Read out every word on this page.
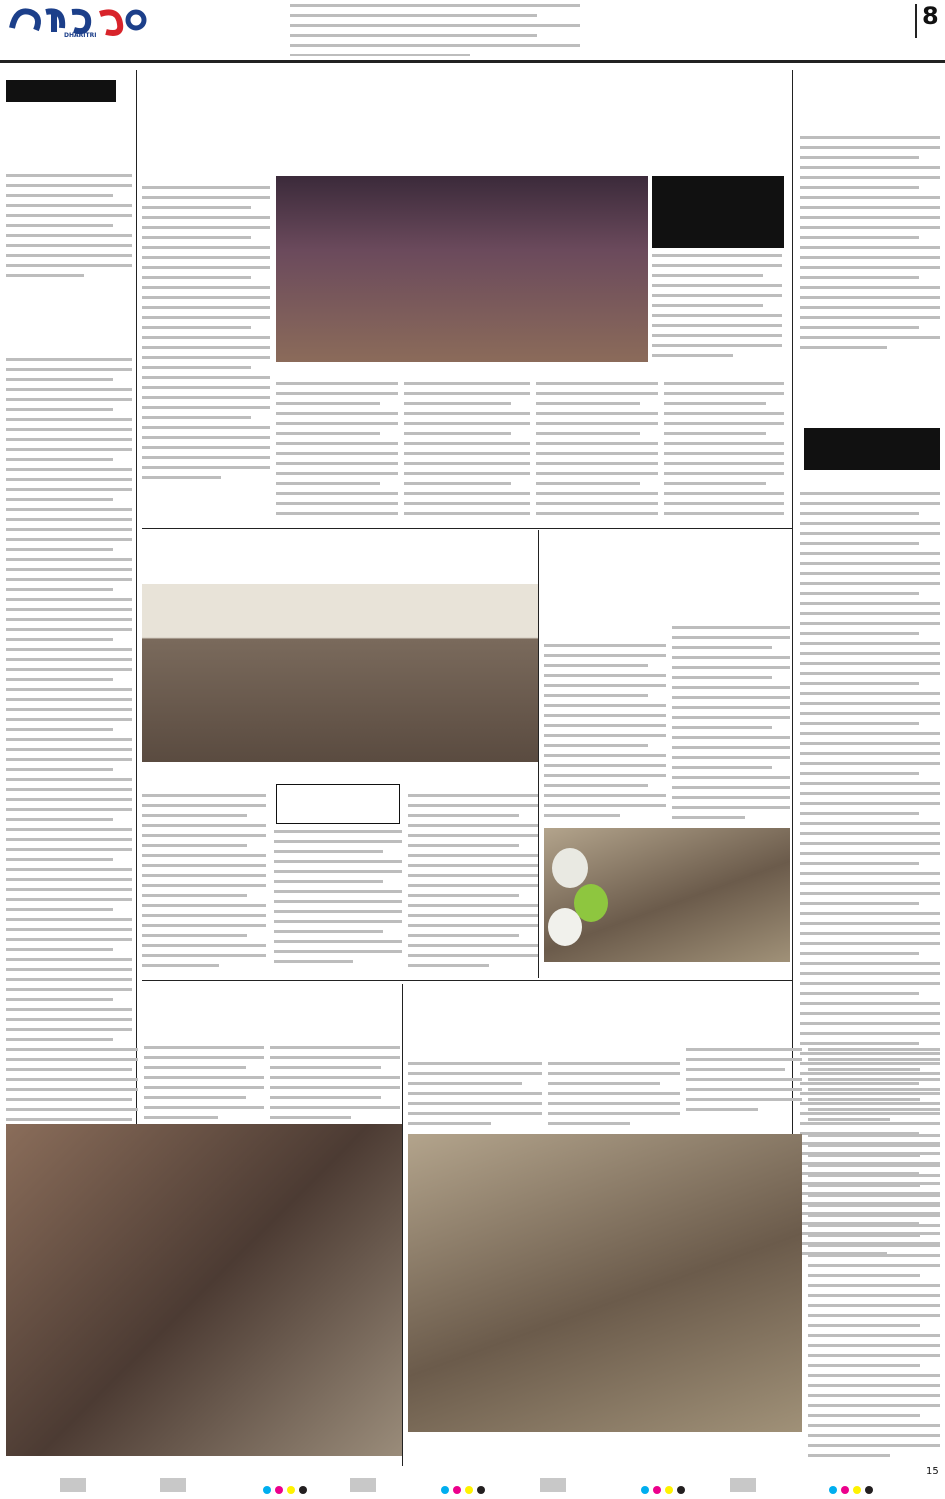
DHARITRI
8
15
